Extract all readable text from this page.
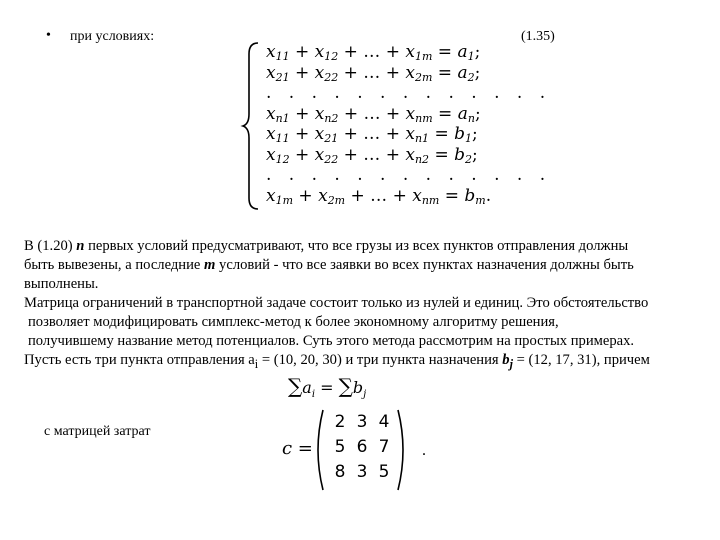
• при условиях:	(1.35)
$x_{11} + x_{12}$ + … + $x_{1m} = a_1$;
$x_{21} + x_{22}$ + … + $x_{2m} = a_2$;
. . . . . . . . . . . . .
$x_{n1} + x_{n2}$ + … + $x_{nm} = a_n$;
$x_{11} + x_{21}$ + … + $x_{n1} = b_1$;
$x_{12} + x_{22}$ + … + $x_{n2} = b_2$;
. . . . . . . . . . . . .
$x_{1m} + x_{2m}$ + … + $x_{nm} = b_m$.
В (1.20) n первых условий предусматривают, что все грузы из всех пунктов отправления должны
быть вывезены, а последние m условий - что все заявки во всех пунктах назначения должны быть
выполнены.
Матрица ограничений в транспортной задаче состоит только из нулей и единиц. Это обстоятельство
позволяет модифицировать симплекс-метод к более экономному алгоритму решения,
получившему название метод потенциалов. Суть этого метода рассмотрим на простых примерах.
Пусть есть три пункта отправления $a_i = (10$, 20, 30) и три пункта назначения $b_j = (12$, 17, 31), причем
$\sum a_i = \sum b_j$
с матрицей затрат
c =
2 3 4
5 6 7
8 3 5
.
